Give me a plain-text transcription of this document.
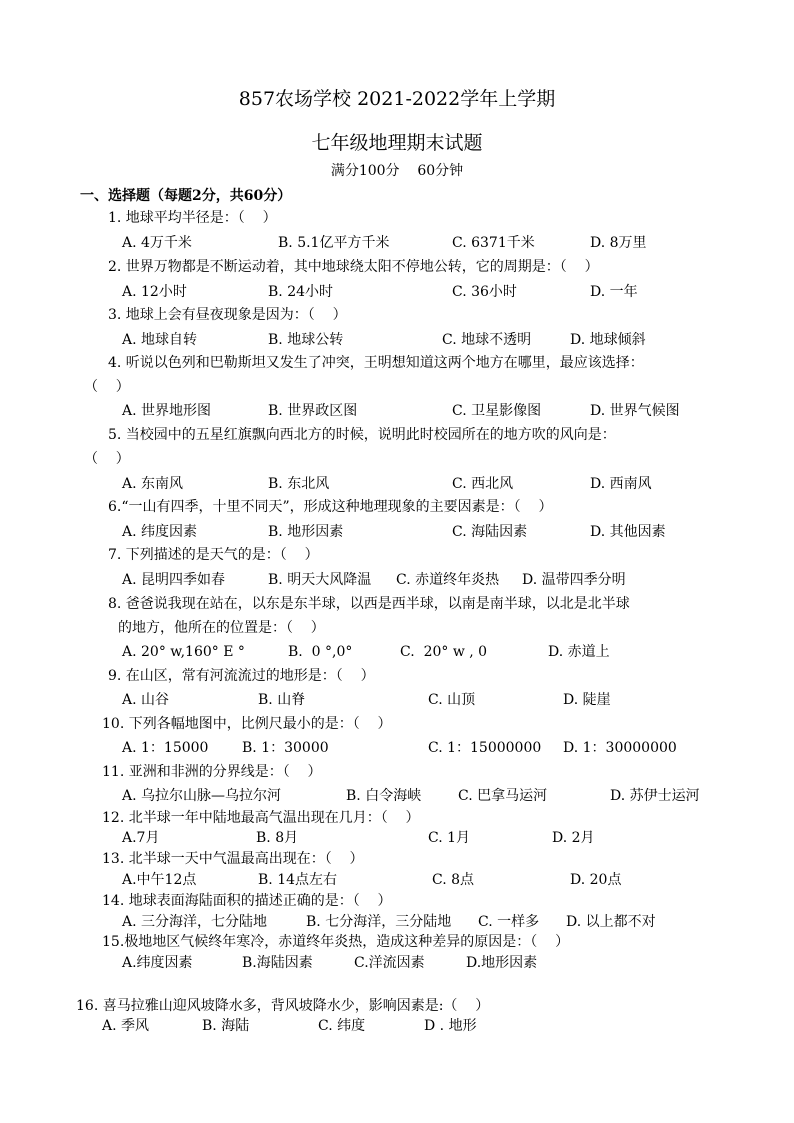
857农场学校 2021-2022学年上学期
七年级地理期末试题
满分100分    60分钟
一、选择题（每题2分，共60分）
1. 地球平均半径是：（    ）
A. 4万千米	B. 5.1亿平方千米	C. 6371千米	D. 8万里
2. 世界万物都是不断运动着，其中地球绕太阳不停地公转，它的周期是：（    ）
A. 12小时	B. 24小时	C. 36小时	D. 一年
3. 地球上会有昼夜现象是因为：（    ）
A. 地球自转	B. 地球公转	C. 地球不透明	D. 地球倾斜
4. 听说以色列和巴勒斯坦又发生了冲突，王明想知道这两个地方在哪里，最应该选择：
（    ）
A. 世界地形图	B. 世界政区图	C. 卫星影像图	D. 世界气候图
5. 当校园中的五星红旗飘向西北方的时候，说明此时校园所在的地方吹的风向是：
（    ）
A. 东南风	B. 东北风	C. 西北风	D. 西南风
6.“一山有四季，十里不同天”，形成这种地理现象的主要因素是：（    ）
A. 纬度因素	B. 地形因素	C. 海陆因素	D. 其他因素
7. 下列描述的是天气的是：（    ）
A. 昆明四季如春	B. 明天大风降温 C. 赤道终年炎热 D. 温带四季分明
8. 爸爸说我现在站在，以东是东半球，以西是西半球，以南是南半球，以北是北半球
的地方，他所在的位置是：（    ）
A. 20° w,160° E °	B.  0 °,0°	C.  20° w , 0	D. 赤道上
9. 在山区，常有河流流过的地形是：（    ）
A. 山谷	B. 山脊	C. 山顶	D. 陡崖
10. 下列各幅地图中，比例尺最小的是：（    ）
A. 1：15000 B. 1：30000	C. 1：15000000 D. 1：30000000
11. 亚洲和非洲的分界线是：（    ）
A. 乌拉尔山脉—乌拉尔河	B. 白令海峡	C. 巴拿马运河	D. 苏伊士运河
12. 北半球一年中陆地最高气温出现在几月：（    ）
A.7月	B. 8月	C. 1月	D. 2月
13. 北半球一天中气温最高出现在：（    ）
A.中午12点	B. 14点左右	C. 8点	D. 20点
14. 地球表面海陆面积的描述正确的是：（    ）
A. 三分海洋，七分陆地	B. 七分海洋，三分陆地 C. 一样多 D. 以上都不对
15.极地地区气候终年寒冷，赤道终年炎热，造成这种差异的原因是：（    ）
A.纬度因素	B.海陆因素	C.洋流因素	D.地形因素
16. 喜马拉雅山迎风坡降水多，背风坡降水少，影响因素是:（    ）
A. 季风	B. 海陆	C. 纬度	D . 地形
